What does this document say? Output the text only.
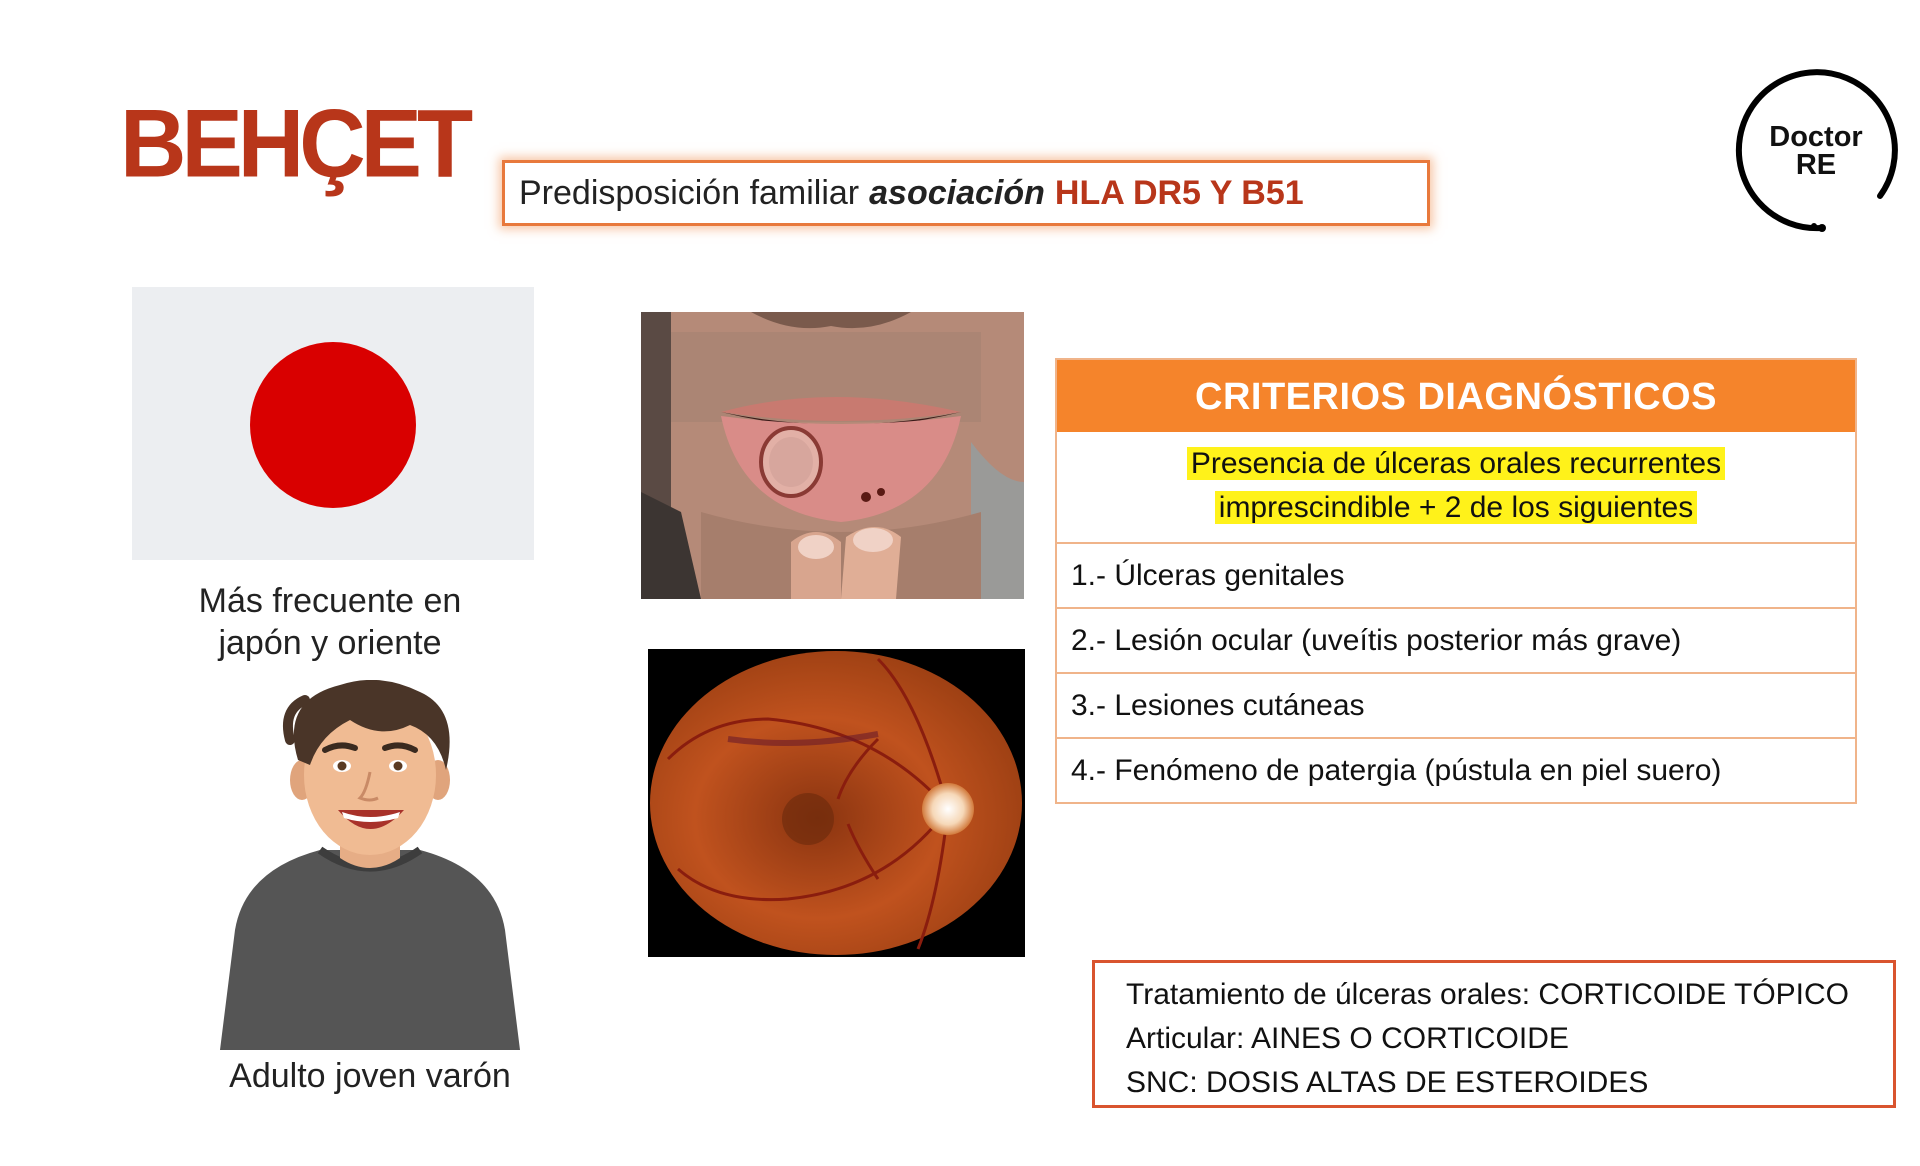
BEHÇET Predisposición familiar asociación HLA DR5 Y B51
Doctor
RE
Más frecuente en
japón y oriente
Adulto joven varón
CRITERIOS DIAGNÓSTICOS
Presencia de úlceras orales recurrentes
imprescindible + 2 de los siguientes
1.- Úlceras genitales
2.- Lesión ocular (uveítis posterior más grave)
3.- Lesiones cutáneas
4.- Fenómeno de patergia (pústula en piel suero)
Tratamiento de úlceras orales: CORTICOIDE TÓPICO
Articular: AINES O CORTICOIDE
SNC: DOSIS ALTAS DE ESTEROIDES
